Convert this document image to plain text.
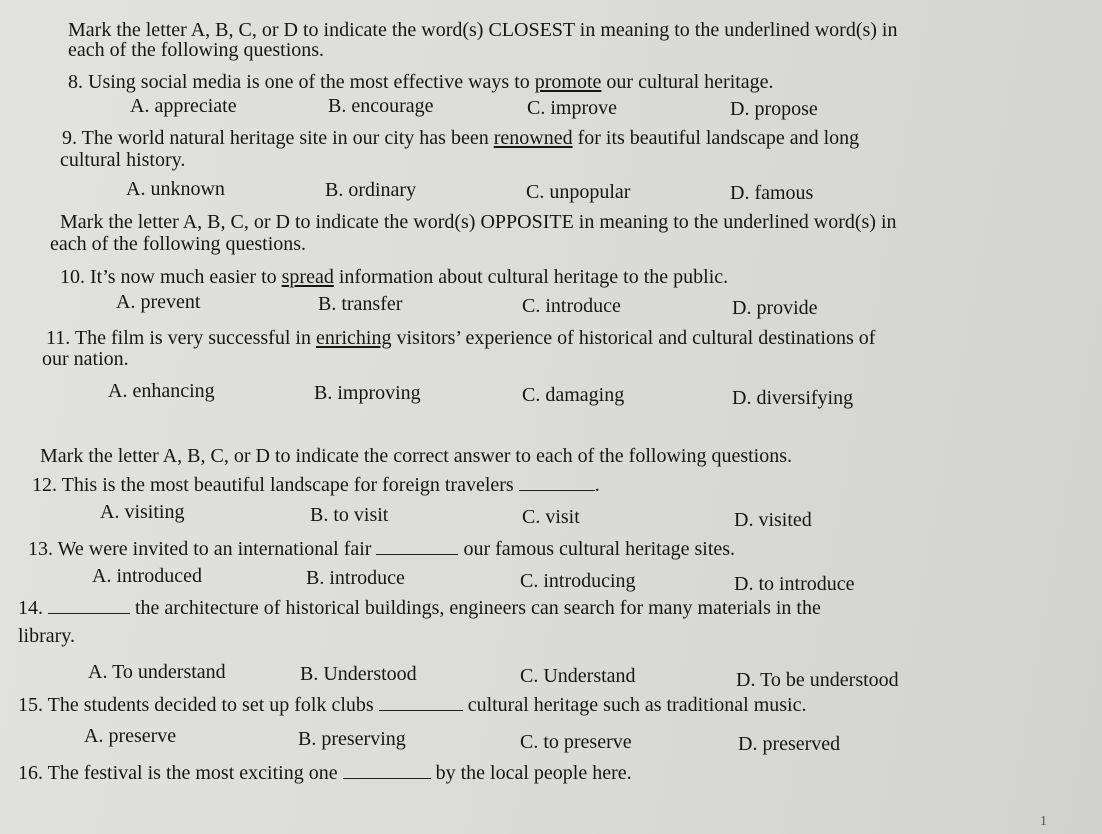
Mark the letter A, B, C, or D to indicate the word(s) CLOSEST in meaning to the underlined word(s) in
each of the following questions.
8. Using social media is one of the most effective ways to promote our cultural heritage.
A. appreciate	B. encourage	C. improve	D. propose
9. The world natural heritage site in our city has been renowned for its beautiful landscape and long
cultural history.
A. unknown	B. ordinary	C. unpopular	D. famous
Mark the letter A, B, C, or D to indicate the word(s) OPPOSITE in meaning to the underlined word(s) in
each of the following questions.
10. It’s now much easier to spread information about cultural heritage to the public.
A. prevent	B. transfer	C. introduce	D. provide
11. The film is very successful in enriching visitors’ experience of historical and cultural destinations of
our nation.
A. enhancing	B. improving	C. damaging	D. diversifying
Mark the letter A, B, C, or D to indicate the correct answer to each of the following questions.
12. This is the most beautiful landscape for foreign travelers	.
A. visiting	B. to visit	C. visit	D. visited
13. We were invited to an international fair	our famous cultural heritage sites.
A. introduced	B. introduce	C. introducing	D. to introduce
14.	the architecture of historical buildings, engineers can search for many materials in the
library.
A. To understand	B. Understood	C. Understand	D. To be understood
15. The students decided to set up folk clubs	cultural heritage such as traditional music.
A. preserve	B. preserving	C. to preserve	D. preserved
16. The festival is the most exciting one	by the local people here.
1
